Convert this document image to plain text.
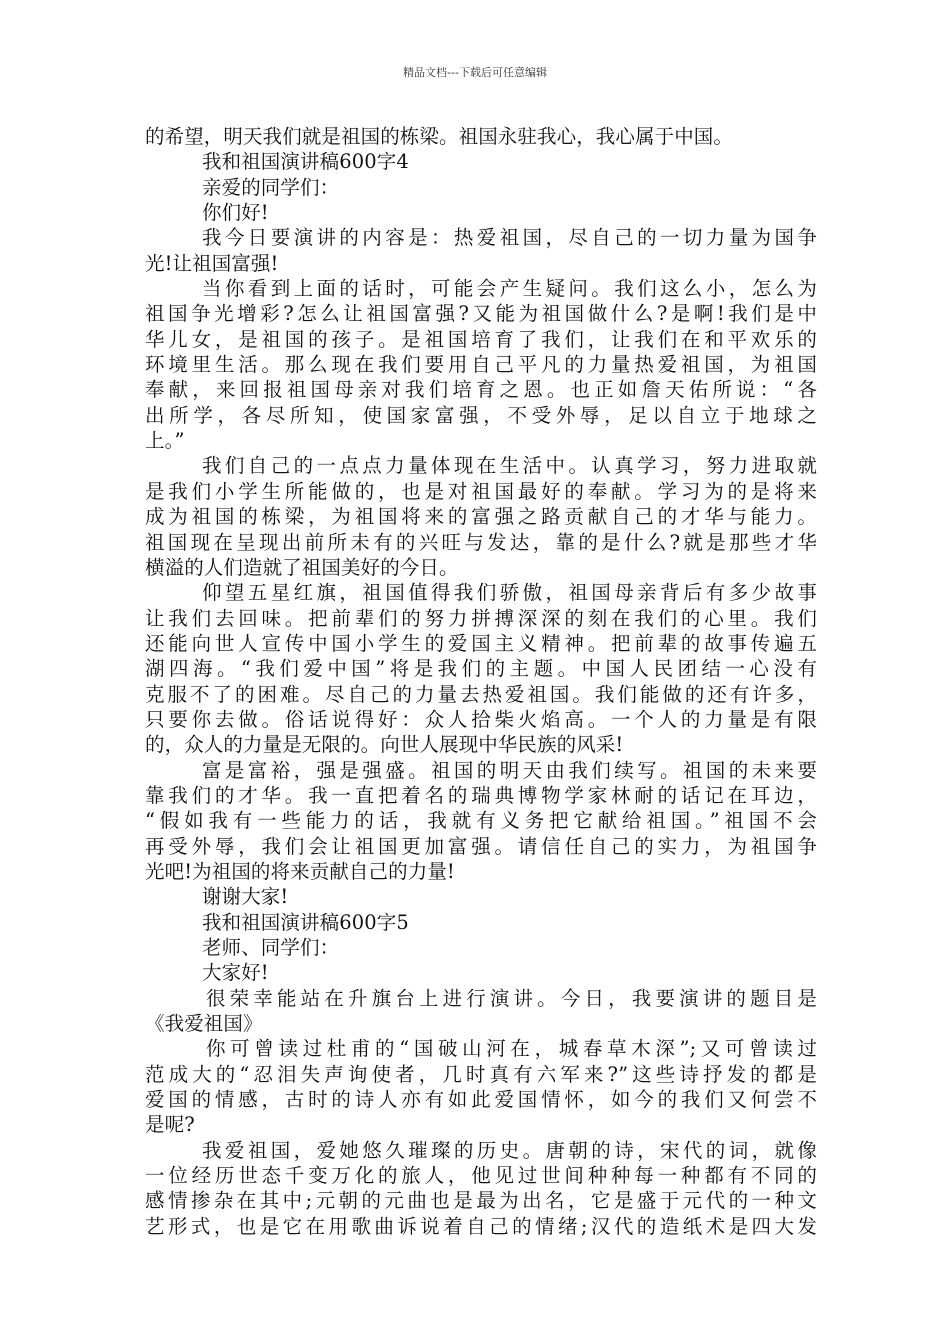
精品文档---下载后可任意编辑
的希望，明天我们就是祖国的栋梁。祖国永驻我心，我心属于中国。
我和祖国演讲稿600字4
亲爱的同学们：
你们好!
我今日要演讲的内容是：热爱祖国，尽自己的一切力量为国争
光!让祖国富强!
当你看到上面的话时，可能会产生疑问。我们这么小，怎么为
祖国争光增彩?怎么让祖国富强?又能为祖国做什么?是啊!我们是中
华儿女，是祖国的孩子。是祖国培育了我们，让我们在和平欢乐的
环境里生活。那么现在我们要用自己平凡的力量热爱祖国，为祖国
奉献，来回报祖国母亲对我们培育之恩。也正如詹天佑所说：“各
出所学，各尽所知，使国家富强，不受外辱，足以自立于地球之
上。”
我们自己的一点点力量体现在生活中。认真学习，努力进取就
是我们小学生所能做的，也是对祖国最好的奉献。学习为的是将来
成为祖国的栋梁，为祖国将来的富强之路贡献自己的才华与能力。
祖国现在呈现出前所未有的兴旺与发达，靠的是什么?就是那些才华
横溢的人们造就了祖国美好的今日。
仰望五星红旗，祖国值得我们骄傲，祖国母亲背后有多少故事
让我们去回味。把前辈们的努力拼搏深深的刻在我们的心里。我们
还能向世人宣传中国小学生的爱国主义精神。把前辈的故事传遍五
湖四海。“我们爱中国”将是我们的主题。中国人民团结一心没有
克服不了的困难。尽自己的力量去热爱祖国。我们能做的还有许多，
只要你去做。俗话说得好：众人拾柴火焰高。一个人的力量是有限
的，众人的力量是无限的。向世人展现中华民族的风采!
富是富裕，强是强盛。祖国的明天由我们续写。祖国的未来要
靠我们的才华。我一直把着名的瑞典博物学家林耐的话记在耳边，
“假如我有一些能力的话，我就有义务把它献给祖国。”祖国不会
再受外辱，我们会让祖国更加富强。请信任自己的实力，为祖国争
光吧!为祖国的将来贡献自己的力量!
谢谢大家!
我和祖国演讲稿600字5
老师、同学们：
大家好!
很荣幸能站在升旗台上进行演讲。今日，我要演讲的题目是
《我爱祖国》
你可曾读过杜甫的“国破山河在，城春草木深”;又可曾读过
范成大的“忍泪失声询使者，几时真有六军来?”这些诗抒发的都是
爱国的情感，古时的诗人亦有如此爱国情怀，如今的我们又何尝不
是呢?
我爱祖国，爱她悠久璀璨的历史。唐朝的诗，宋代的词，就像
一位经历世态千变万化的旅人，他见过世间种种每一种都有不同的
感情掺杂在其中;元朝的元曲也是最为出名，它是盛于元代的一种文
艺形式，也是它在用歌曲诉说着自己的情绪;汉代的造纸术是四大发
